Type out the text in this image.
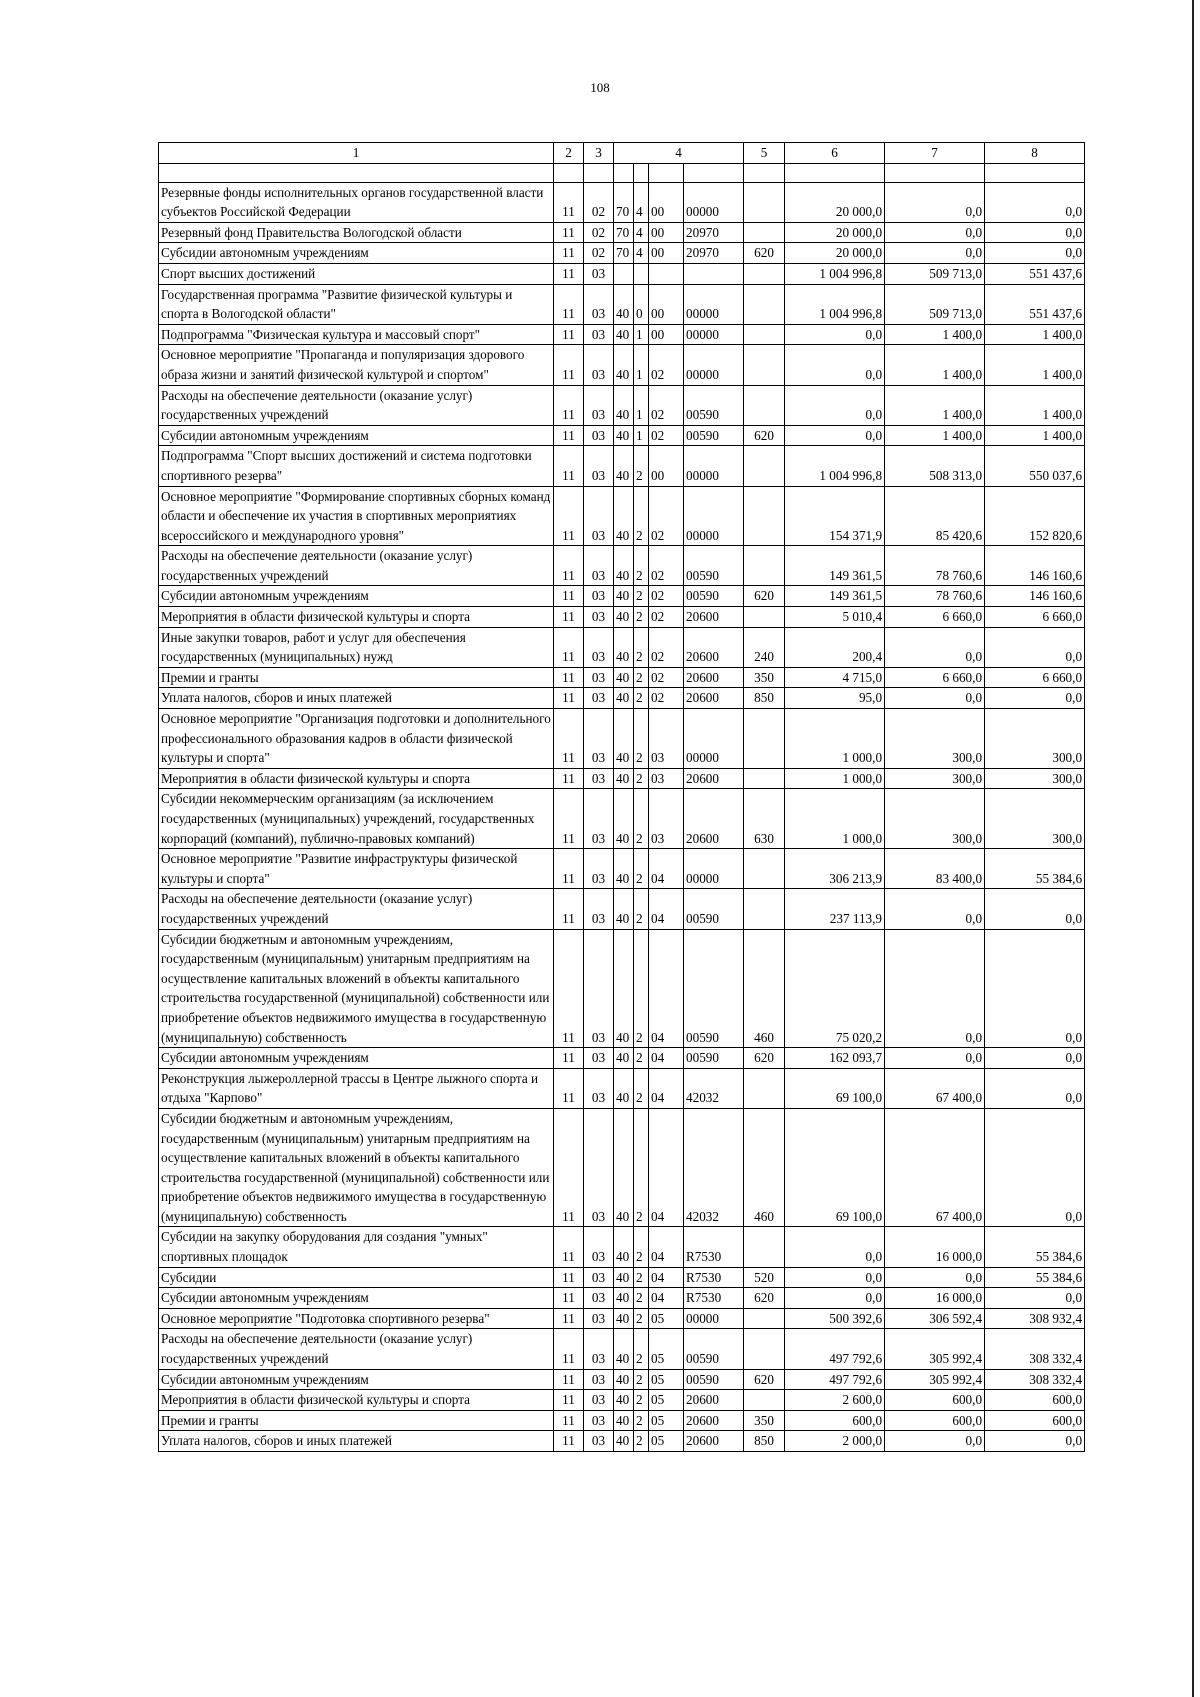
108
1	2	3	4				5	6	7	8

Резервные фонды исполнительных органов государственной власти субъектов Российской Федерации	11	02	70	4	00	00000		20 000,0	0,0	0,0
Резервный фонд Правительства Вологодской области	11	02	70	4	00	20970		20 000,0	0,0	0,0
Субсидии автономным учреждениям	11	02	70	4	00	20970	620	20 000,0	0,0	0,0
Спорт высших достижений	11	03						1 004 996,8	509 713,0	551 437,6
Государственная программа "Развитие физической культуры и спорта в Вологодской области"	11	03	40	0	00	00000		1 004 996,8	509 713,0	551 437,6
Подпрограмма "Физическая культура и массовый спорт"	11	03	40	1	00	00000		0,0	1 400,0	1 400,0
Основное мероприятие "Пропаганда и популяризация здорового образа жизни и занятий физической культурой и спортом"	11	03	40	1	02	00000		0,0	1 400,0	1 400,0
Расходы на обеспечение деятельности (оказание услуг) государственных учреждений	11	03	40	1	02	00590		0,0	1 400,0	1 400,0
Субсидии автономным учреждениям	11	03	40	1	02	00590	620	0,0	1 400,0	1 400,0
Подпрограмма "Спорт высших достижений и система подготовки спортивного резерва"	11	03	40	2	00	00000		1 004 996,8	508 313,0	550 037,6
Основное мероприятие "Формирование спортивных сборных команд области и обеспечение их участия в спортивных мероприятиях всероссийского и международного уровня"	11	03	40	2	02	00000		154 371,9	85 420,6	152 820,6
Расходы на обеспечение деятельности (оказание услуг) государственных учреждений	11	03	40	2	02	00590		149 361,5	78 760,6	146 160,6
Субсидии автономным учреждениям	11	03	40	2	02	00590	620	149 361,5	78 760,6	146 160,6
Мероприятия в области физической культуры и спорта	11	03	40	2	02	20600		5 010,4	6 660,0	6 660,0
Иные закупки товаров, работ и услуг для обеспечения государственных (муниципальных) нужд	11	03	40	2	02	20600	240	200,4	0,0	0,0
Премии и гранты	11	03	40	2	02	20600	350	4 715,0	6 660,0	6 660,0
Уплата налогов, сборов и иных платежей	11	03	40	2	02	20600	850	95,0	0,0	0,0
Основное мероприятие "Организация подготовки и дополнительного профессионального образования кадров в области физической культуры и спорта"	11	03	40	2	03	00000		1 000,0	300,0	300,0
Мероприятия в области физической культуры и спорта	11	03	40	2	03	20600		1 000,0	300,0	300,0
Субсидии некоммерческим организациям (за исключением государственных (муниципальных) учреждений, государственных корпораций (компаний), публично-правовых компаний)	11	03	40	2	03	20600	630	1 000,0	300,0	300,0
Основное мероприятие "Развитие инфраструктуры физической культуры и спорта"	11	03	40	2	04	00000		306 213,9	83 400,0	55 384,6
Расходы на обеспечение деятельности (оказание услуг) государственных учреждений	11	03	40	2	04	00590		237 113,9	0,0	0,0
Субсидии бюджетным и автономным учреждениям, государственным (муниципальным) унитарным предприятиям на осуществление капитальных вложений в объекты капитального строительства государственной (муниципальной) собственности или приобретение объектов недвижимого имущества в государственную (муниципальную) собственность	11	03	40	2	04	00590	460	75 020,2	0,0	0,0
Субсидии автономным учреждениям	11	03	40	2	04	00590	620	162 093,7	0,0	0,0
Реконструкция лыжероллерной трассы в Центре лыжного спорта и отдыха "Карпово"	11	03	40	2	04	42032		69 100,0	67 400,0	0,0
Субсидии бюджетным и автономным учреждениям, государственным (муниципальным) унитарным предприятиям на осуществление капитальных вложений в объекты капитального строительства государственной (муниципальной) собственности или приобретение объектов недвижимого имущества в государственную (муниципальную) собственность	11	03	40	2	04	42032	460	69 100,0	67 400,0	0,0
Субсидии на закупку оборудования для создания "умных" спортивных площадок	11	03	40	2	04	R7530		0,0	16 000,0	55 384,6
Субсидии	11	03	40	2	04	R7530	520	0,0	0,0	55 384,6
Субсидии автономным учреждениям	11	03	40	2	04	R7530	620	0,0	16 000,0	0,0
Основное мероприятие "Подготовка спортивного резерва"	11	03	40	2	05	00000		500 392,6	306 592,4	308 932,4
Расходы на обеспечение деятельности (оказание услуг) государственных учреждений	11	03	40	2	05	00590		497 792,6	305 992,4	308 332,4
Субсидии автономным учреждениям	11	03	40	2	05	00590	620	497 792,6	305 992,4	308 332,4
Мероприятия в области физической культуры и спорта	11	03	40	2	05	20600		2 600,0	600,0	600,0
Премии и гранты	11	03	40	2	05	20600	350	600,0	600,0	600,0
Уплата налогов, сборов и иных платежей	11	03	40	2	05	20600	850	2 000,0	0,0	0,0
